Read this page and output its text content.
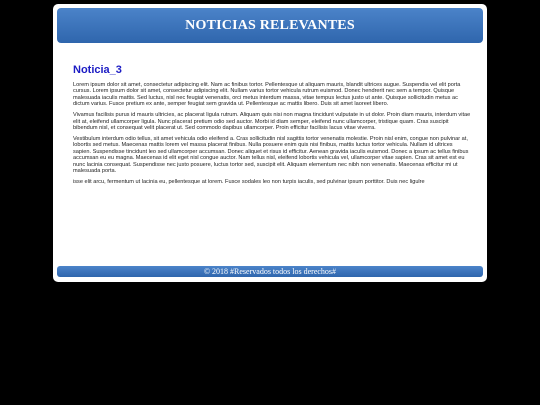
NOTICIAS RELEVANTES
Noticia_3

Lorem ipsum dolor sit amet, consectetur adipiscing elit. Nam ac finibus tortor. Pellentesque ut aliquam mauris, blandit ultrices augue. Suspendia vel elit porta cursus. Lorem ipsum dolor sit amet, consectetur adipiscing elit. Nullam varius tortor vehicula rutrum euismod. Donec hendrerit nec sem a tempor. Quisque malesuada iaculis mattis. Sed luctus, nisl nec feugiat venenatis, orci metus interdum massa, vitae tempus lectus justo ut ante. Quisque sollicitudin metus ac dictum varius. Fusce pretium ex ante, semper feugiat sem gravida ut. Pellentesque ac mattis libero. Duis sit amet laoreet libero.

Vivamus facilisis purus id mauris ultricies, ac placerat ligula rutrum. Aliquam quis nisi non magna tincidunt vulputate in ut dolor. Proin diam mauris, interdum vitae elit at, eleifend ullamcorper ligula. Nunc placerat pretium odio sed auctor. Morbi id diam semper, eleifend nunc ullamcorper, tristique quam. Cras suscipit bibendum nisl, et consequat velit placerat ut. Sed commodo dapibus ullamcorper. Proin efficitur facilisis lacus vitae viverra.

Vestibulum interdum odio tellus, sit amet vehicula odio eleifend a. Cras sollicitudin nisl sagittis tortor venenatis molestie. Proin nisl enim, congue non pulvinar at, lobortis sed metus. Maecenas mattis lorem vel massa placerat finibus. Nulla posuere enim quis nisi finibus, mattis luctus tortor vehicula. Nullam id ultrices sapien. Suspendisse tincidunt leo sed ullamcorper accumsan. Donec aliquet et risus id efficitur. Aenean gravida iaculis euismod. Donec a ipsum ac tellus finibus accumsan eu eu magna. Maecenas id elit eget nisl congue auctor. Nam tellus nisl, eleifend lobortis vehicula vel, ullamcorper vitae sapien. Cras sit amet est eu nunc lacinia consequat. Suspendisse nec justo posuere, luctus tortor sed, suscipit elit. Aliquam elementum nec nibh non venenatis. Maecenas efficitur mi ut malesuada porta.

isse elit arcu, fermentum ut lacinia eu, pellentesque at lorem. Fusce sodales leo non turpis iaculis, sed pulvinar ipsum porttitor. Duis nec ligulre

© 2018 #Reservados todos los derechos#
